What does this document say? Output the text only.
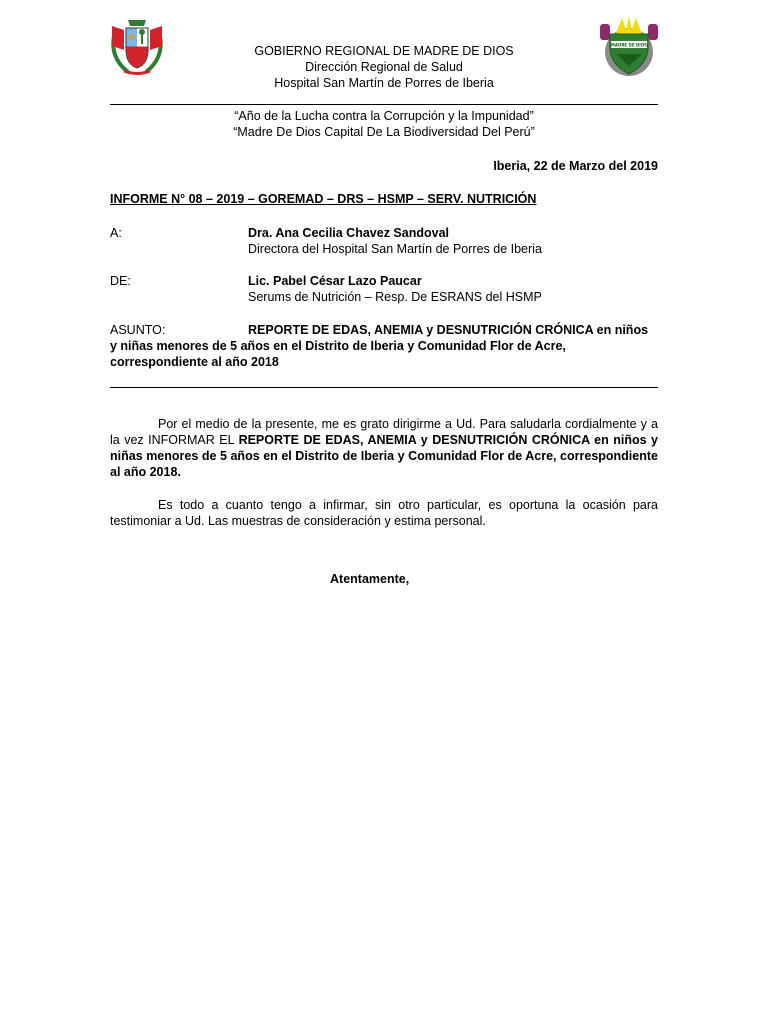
MADRE DE DIOS
GOBIERNO REGIONAL DE MADRE DE DIOS
Dirección Regional de Salud
Hospital San Martín de Porres de Iberia
“Año de la Lucha contra la Corrupción y la Impunidad”
“Madre De Dios Capital De La Biodiversidad Del Perú”
Iberia, 22 de Marzo del 2019
INFORME N° 08 – 2019 – GOREMAD – DRS – HSMP – SERV. NUTRICIÓN
A:	Dra. Ana Cecilia Chavez Sandoval
Directora del Hospital San Martín de Porres de Iberia
DE:	Lic. Pabel César Lazo Paucar
Serums de Nutrición – Resp. De ESRANS del HSMP
ASUNTO:	REPORTE DE EDAS, ANEMIA y DESNUTRICIÓN CRÓNICA en niños y niñas menores de 5 años en el Distrito de Iberia y Comunidad Flor de Acre, correspondiente al año 2018
Por el medio de la presente, me es grato dirigirme a Ud. Para saludarla cordialmente y a la vez INFORMAR EL REPORTE DE EDAS, ANEMIA y DESNUTRICIÓN CRÓNICA en niños y niñas menores de 5 años en el Distrito de Iberia y Comunidad Flor de Acre, correspondiente al año 2018.
Es todo a cuanto tengo a infirmar, sin otro particular, es oportuna la ocasión para testimoniar a Ud. Las muestras de consideración y estima personal.
Atentamente,
